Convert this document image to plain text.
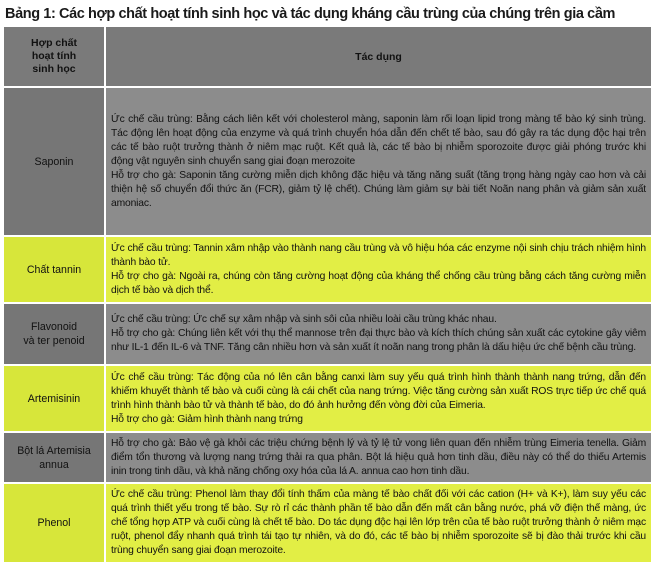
Bảng 1: Các hợp chất hoạt tính sinh học và tác dụng kháng cầu trùng của chúng trên gia cầm
Hợp chất
hoạt tính
sinh học	Tác dụng
Saponin	Ức chế cầu trùng: Bằng cách liên kết với cholesterol màng, saponin làm rối loạn lipid trong màng tế bào ký sinh trùng. Tác động lên hoạt động của enzyme và quá trình chuyển hóa dẫn đến chết tế bào, sau đó gây ra tác dụng độc hại trên các tế bào ruột trưởng thành ở niêm mạc ruột. Kết quả là, các tế bào bị nhiễm sporozoite được giải phóng trước khi động vật nguyên sinh chuyển sang giai đoạn merozoite
Hỗ trợ cho gà: Saponin tăng cường miễn dịch không đặc hiệu và tăng năng suất (tăng trọng hàng ngày cao hơn và cải thiện hệ số chuyển đổi thức ăn (FCR), giảm tỷ lệ chết). Chúng làm giảm sự bài tiết Noãn nang phân và giảm sản xuất amoniac.

Chất tannin	Ức chế cầu trùng: Tannin xâm nhập vào thành nang cầu trùng và vô hiệu hóa các enzyme nội sinh chịu trách nhiệm hình thành bào tử.
Hỗ trợ cho gà: Ngoài ra, chúng còn tăng cường hoạt động của kháng thể chống cầu trùng bằng cách tăng cường miễn dịch tế bào và dịch thể.

Flavonoid
và ter penoid	Ức chế cầu trùng: Ức chế sự xâm nhập và sinh sôi của nhiều loài cầu trùng khác nhau.
Hỗ trợ cho gà: Chúng liên kết với thụ thể mannose trên đại thực bào và kích thích chúng sản xuất các cytokine gây viêm như IL-1 đến IL-6 và TNF. Tăng cân nhiều hơn và sản xuất ít noãn nang trong phân là dấu hiệu ức chế bệnh cầu trùng.

Artemisinin	Ức chế cầu trùng: Tác động của nó lên cân bằng canxi làm suy yếu quá trình hình thành thành nang trứng, dẫn đến khiếm khuyết thành tế bào và cuối cùng là cái chết của nang trứng. Việc tăng cường sản xuất ROS trực tiếp ức chế quá trình hình thành bào tử và thành tế bào, do đó ảnh hưởng đến vòng đời của Eimeria.
Hỗ trợ cho gà: Giảm hình thành nang trứng

Bột lá Artemisia
annua	Hỗ trợ cho gà: Bảo vệ gà khỏi các triệu chứng bệnh lý và tỷ lệ tử vong liên quan đến nhiễm trùng Eimeria tenella. Giảm điểm tổn thương và lượng nang trứng thải ra qua phân. Bột lá hiệu quả hơn tinh dầu, điều này có thể do thiếu Artemis inin trong tinh dầu, và khả năng chống oxy hóa của lá A. annua cao hơn tinh dầu.

Phenol	Ức chế cầu trùng: Phenol làm thay đổi tính thấm của màng tế bào chất đối với các cation (H+ và K+), làm suy yếu các quá trình thiết yếu trong tế bào. Sự rò rỉ các thành phần tế bào dẫn đến mất cân bằng nước, phá vỡ điện thế màng, ức chế tổng hợp ATP và cuối cùng là chết tế bào. Do tác dụng độc hại lên lớp trên của tế bào ruột trưởng thành ở niêm mạc ruột, phenol đẩy nhanh quá trình tái tạo tự nhiên, và do đó, các tế bào bị nhiễm sporozoite sẽ bị đào thải trước khi cầu trùng chuyển sang giai đoạn merozoite.
